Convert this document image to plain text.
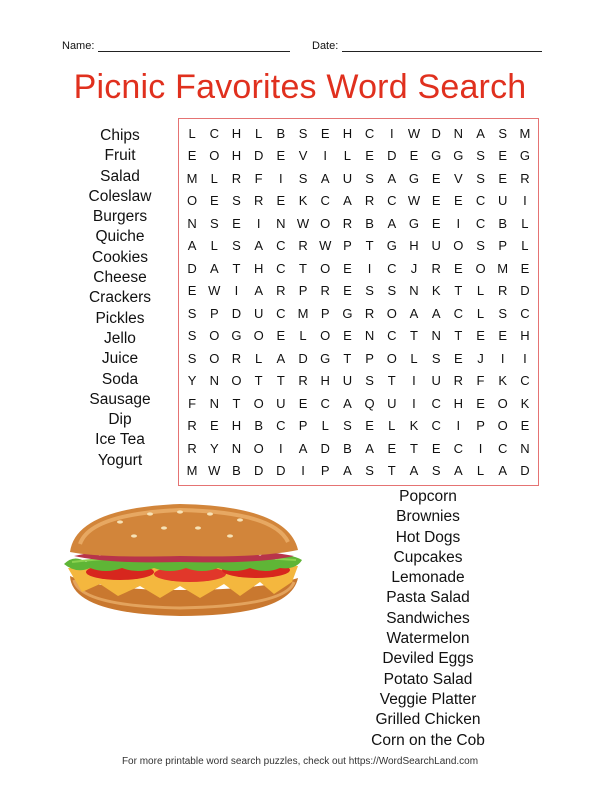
Name:	Date:
Picnic Favorites Word Search
Chips
Fruit
Salad
Coleslaw
Burgers
Quiche
Cookies
Cheese
Crackers
Pickles
Jello
Juice
Soda
Sausage
Dip
Ice Tea
Yogurt
L	C H	L	B	S	E	H C	I	W D N	A	S M
E O H D	E	V	I	L	E	D	E G G S	E G
M	L	R	F	I	S	A	U	S	A G E	V	S	E	R
O E	S	R	E	K	C	A	R C W E	E	C U	I
N	S	E	I	N W O R	B	A G E	I	C	B	L
A	L	S	A	C R W P	T	G H U O S	P	L
D	A	T	H C	T	O E	I	C	J	R	E O M E
E W	I	A	R	P	R	E	S	S	N	K	T	L	R D
S	P	D U C M P G R O A	A	C	L	S	C
S O G O E	L	O E	N C	T	N	T	E	E	H
S O R	L	A	D G	T	P O	L	S	E	J	I	I
Y	N O	T	T	R H U	S	T	I	U R	F	K	C
F	N	T	O U	E	C	A Q U	I	C H	E O K
R	E	H	B	C	P	L	S	E	L	K	C	I	P O E
R	Y	N O	I	A	D	B	A	E	T	E	C	I	C N
M W B	D D	I	P	A	S	T	A	S	A	L	A	D
Popcorn
Brownies
Hot Dogs
Cupcakes
Lemonade
Pasta Salad
Sandwiches
Watermelon
Deviled Eggs
Potato Salad
Veggie Platter
Grilled Chicken
Corn on the Cob
For more printable word search puzzles, check out https://WordSearchLand.com
